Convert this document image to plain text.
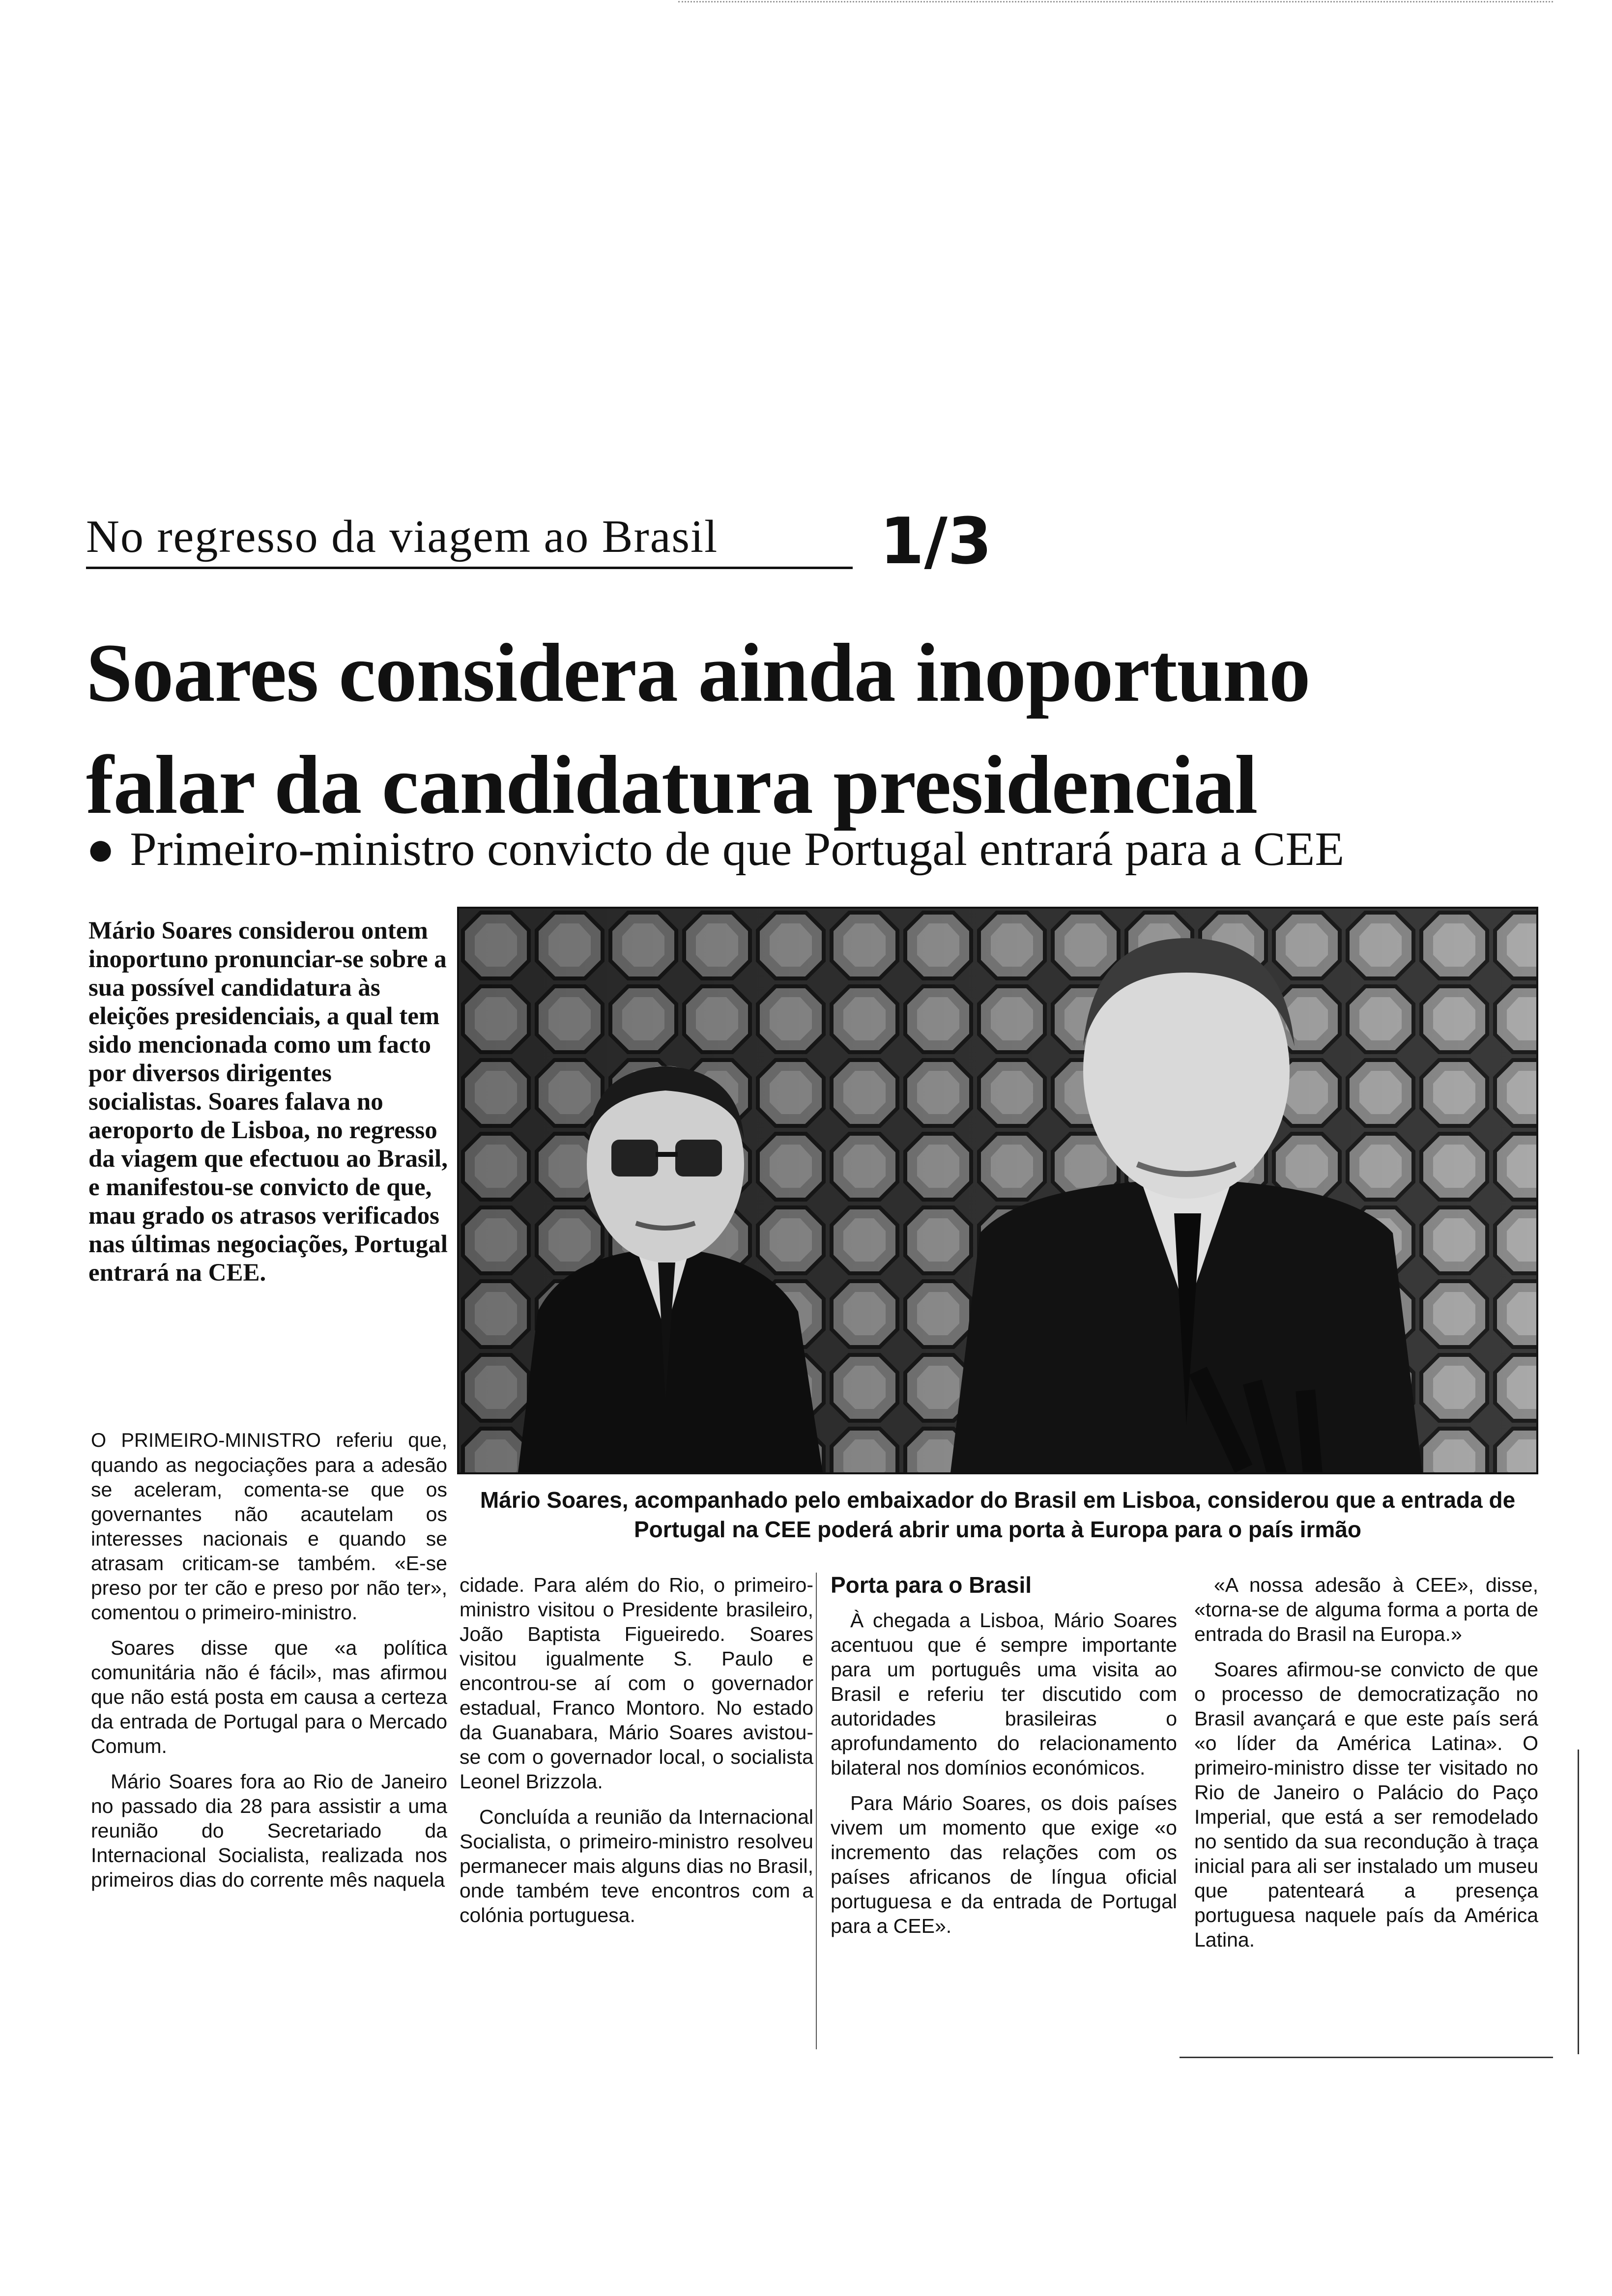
No regresso da viagem ao Brasil	1/3
Soares considera ainda inoportuno
falar da candidatura presidencial
● Primeiro-ministro convicto de que Portugal entrará para a CEE
Mário Soares considerou ontem inoportuno pronunciar-se sobre a sua possível candidatura às eleições presidenciais, a qual tem sido mencionada como um facto por diversos dirigentes socialistas. Soares falava no aeroporto de Lisboa, no regresso da viagem que efectuou ao Brasil, e manifestou-se convicto de que, mau grado os atrasos verificados nas últimas negociações, Portugal entrará na CEE.
Mário Soares, acompanhado pelo embaixador do Brasil em Lisboa, considerou que a entrada de Portugal na CEE poderá abrir uma porta à Europa para o país irmão

O PRIMEIRO-MINISTRO referiu que, quando as negociações para a adesão se aceleram, comenta-se que os governantes não acautelam os interesses nacionais e quando se atrasam criticam-se também. «E-se preso por ter cão e preso por não ter», comentou o primeiro-ministro.

Soares disse que «a política comunitária não é fácil», mas afirmou que não está posta em causa a certeza da entrada de Portugal para o Mercado Comum.

Mário Soares fora ao Rio de Janeiro no passado dia 28 para assistir a uma reunião do Secretariado da Internacional Socialista, realizada nos primeiros dias do corrente mês naquela

cidade. Para além do Rio, o primeiro-ministro visitou o Presidente brasileiro, João Baptista Figueiredo. Soares visitou igualmente S. Paulo e encontrou-se aí com o governador estadual, Franco Montoro. No estado da Guanabara, Mário Soares avistou-se com o governador local, o socialista Leonel Brizzola.

Concluída a reunião da Internacional Socialista, o primeiro-ministro resolveu permanecer mais alguns dias no Brasil, onde também teve encontros com a colónia portuguesa.

Porta para o Brasil

À chegada a Lisboa, Mário Soares acentuou que é sempre importante para um português uma visita ao Brasil e referiu ter discutido com autoridades brasileiras o aprofundamento do relacionamento bilateral nos domínios económicos.

Para Mário Soares, os dois países vivem um momento que exige «o incremento das relações com os países africanos de língua oficial portuguesa e da entrada de Portugal para a CEE».

«A nossa adesão à CEE», disse, «torna-se de alguma forma a porta de entrada do Brasil na Europa.»

Soares afirmou-se convicto de que o processo de democratização no Brasil avançará e que este país será «o líder da América Latina». O primeiro-ministro disse ter visitado no Rio de Janeiro o Palácio do Paço Imperial, que está a ser remodelado no sentido da sua recondução à traça inicial para ali ser instalado um museu que patenteará a presença portuguesa naquele país da América Latina.
